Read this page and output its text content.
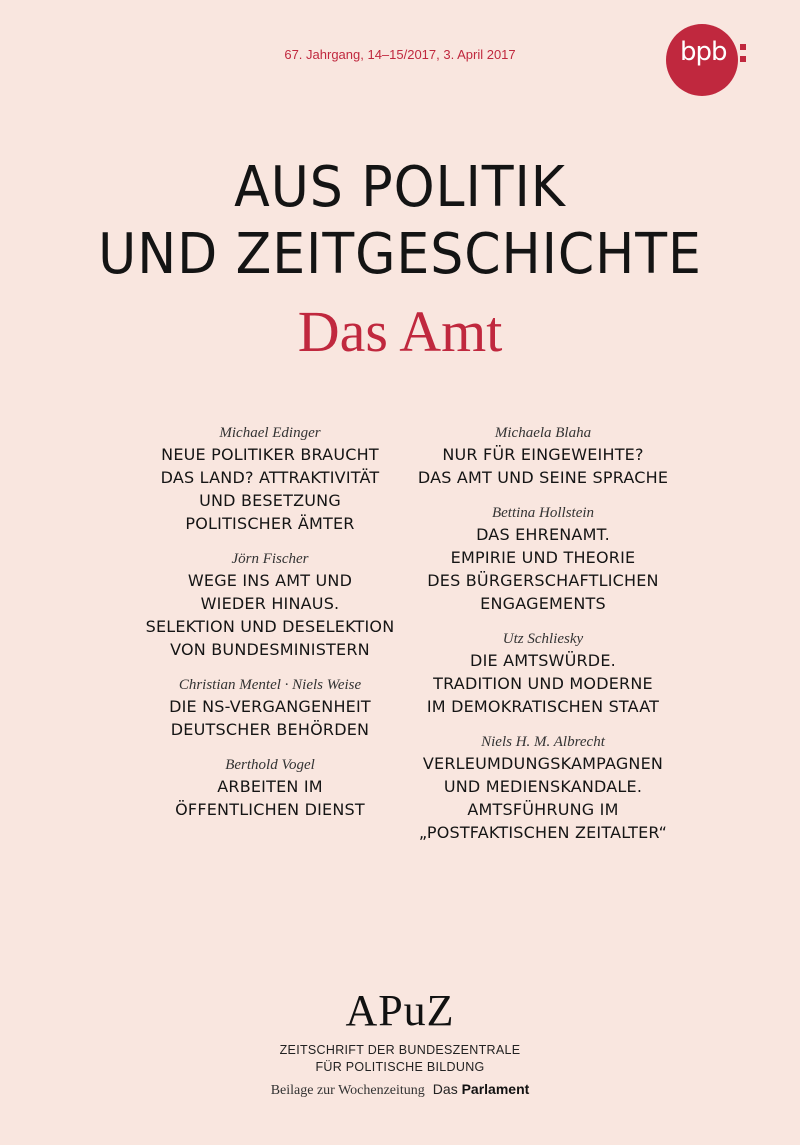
67. Jahrgang, 14–15/2017, 3. April 2017	bpb
AUS POLITIK
UND ZEITGESCHICHTE
Das Amt
Michael Edinger
NEUE POLITIKER BRAUCHT
DAS LAND? ATTRAKTIVITÄT
UND BESETZUNG
POLITISCHER ÄMTER
Jörn Fischer
WEGE INS AMT UND
WIEDER HINAUS.
SELEKTION UND DESELEKTION
VON BUNDESMINISTERN
Christian Mentel · Niels Weise
DIE NS-VERGANGENHEIT
DEUTSCHER BEHÖRDEN
Berthold Vogel
ARBEITEN IM
ÖFFENTLICHEN DIENST
Michaela Blaha
NUR FÜR EINGEWEIHTE?
DAS AMT UND SEINE SPRACHE
Bettina Hollstein
DAS EHRENAMT.
EMPIRIE UND THEORIE
DES BÜRGERSCHAFTLICHEN
ENGAGEMENTS
Utz Schliesky
DIE AMTSWÜRDE.
TRADITION UND MODERNE
IM DEMOKRATISCHEN STAAT
Niels H. M. Albrecht
VERLEUMDUNGSKAMPAGNEN
UND MEDIENSKANDALE.
AMTSFÜHRUNG IM
„POSTFAKTISCHEN ZEITALTER“
APuZ
ZEITSCHRIFT DER BUNDESZENTRALE
FÜR POLITISCHE BILDUNG
Beilage zur Wochenzeitung Das Parlament
